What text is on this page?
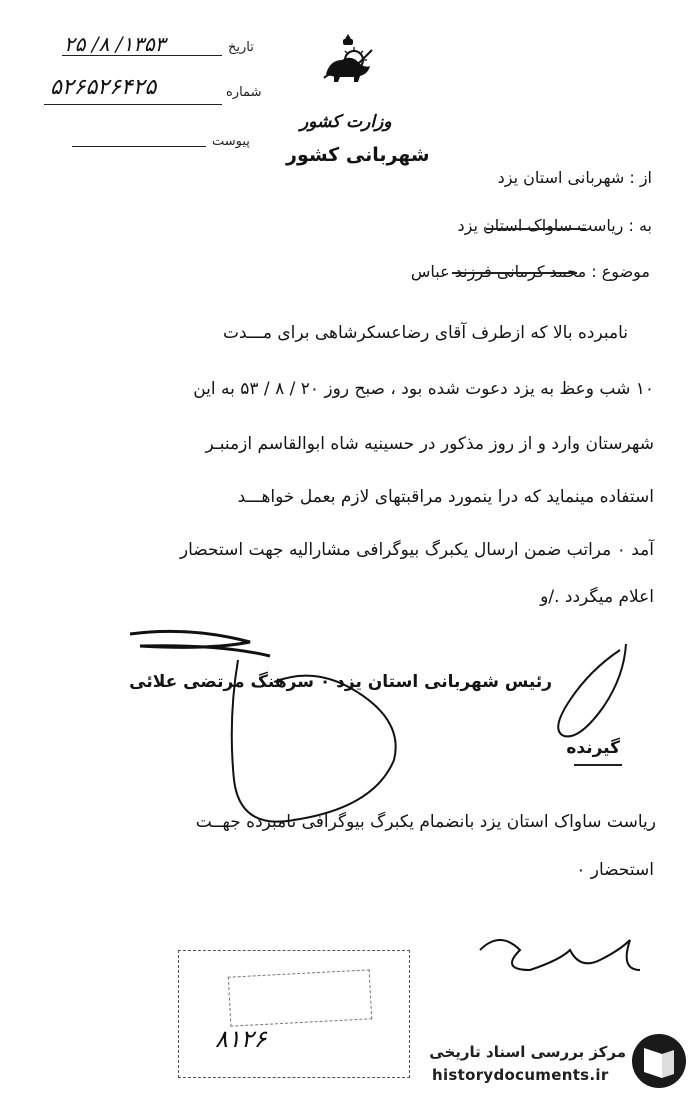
تاریخ
۱۳۵۳/ ۸/ ۲۵
شماره
۵۲۶۵۲۶۴۲۵
پیوست
وزارت کشور
شهربانی کشور
از : شهربانی استان یزد
به : ریاست ساواک استان یزد
موضوع : محمد کرمانی فرزند عباس
نامبرده بالا که ازطرف آقای رضاعسکرشاهی برای مـــدت
۱۰ شب وعظ به یزد دعوت شده بود ، صبح روز ۲۰ / ۸ / ۵۳ به این
شهرستان وارد و از روز مذکور در حسینیه شاه ابوالقاسم ازمنبـر
استفاده مینماید که درا ینمورد مراقبتهای لازم بعمل خواهـــد
آمد ۰ مراتب ضمن ارسال یکبرگ بیوگرافی مشارالیه جهت استحضار
اعلام میگردد ./و
رئیس شهربانی استان یزد ۰ سرهنگ مرتضی علائی
گیرنده
ریاست ساواک استان یزد بانضمام یکبرگ بیوگرافی نامبرده جهــت
استحضار ۰
۸۱۲۶	مرکز بررسی اسناد تاریخی
historydocuments.ir
